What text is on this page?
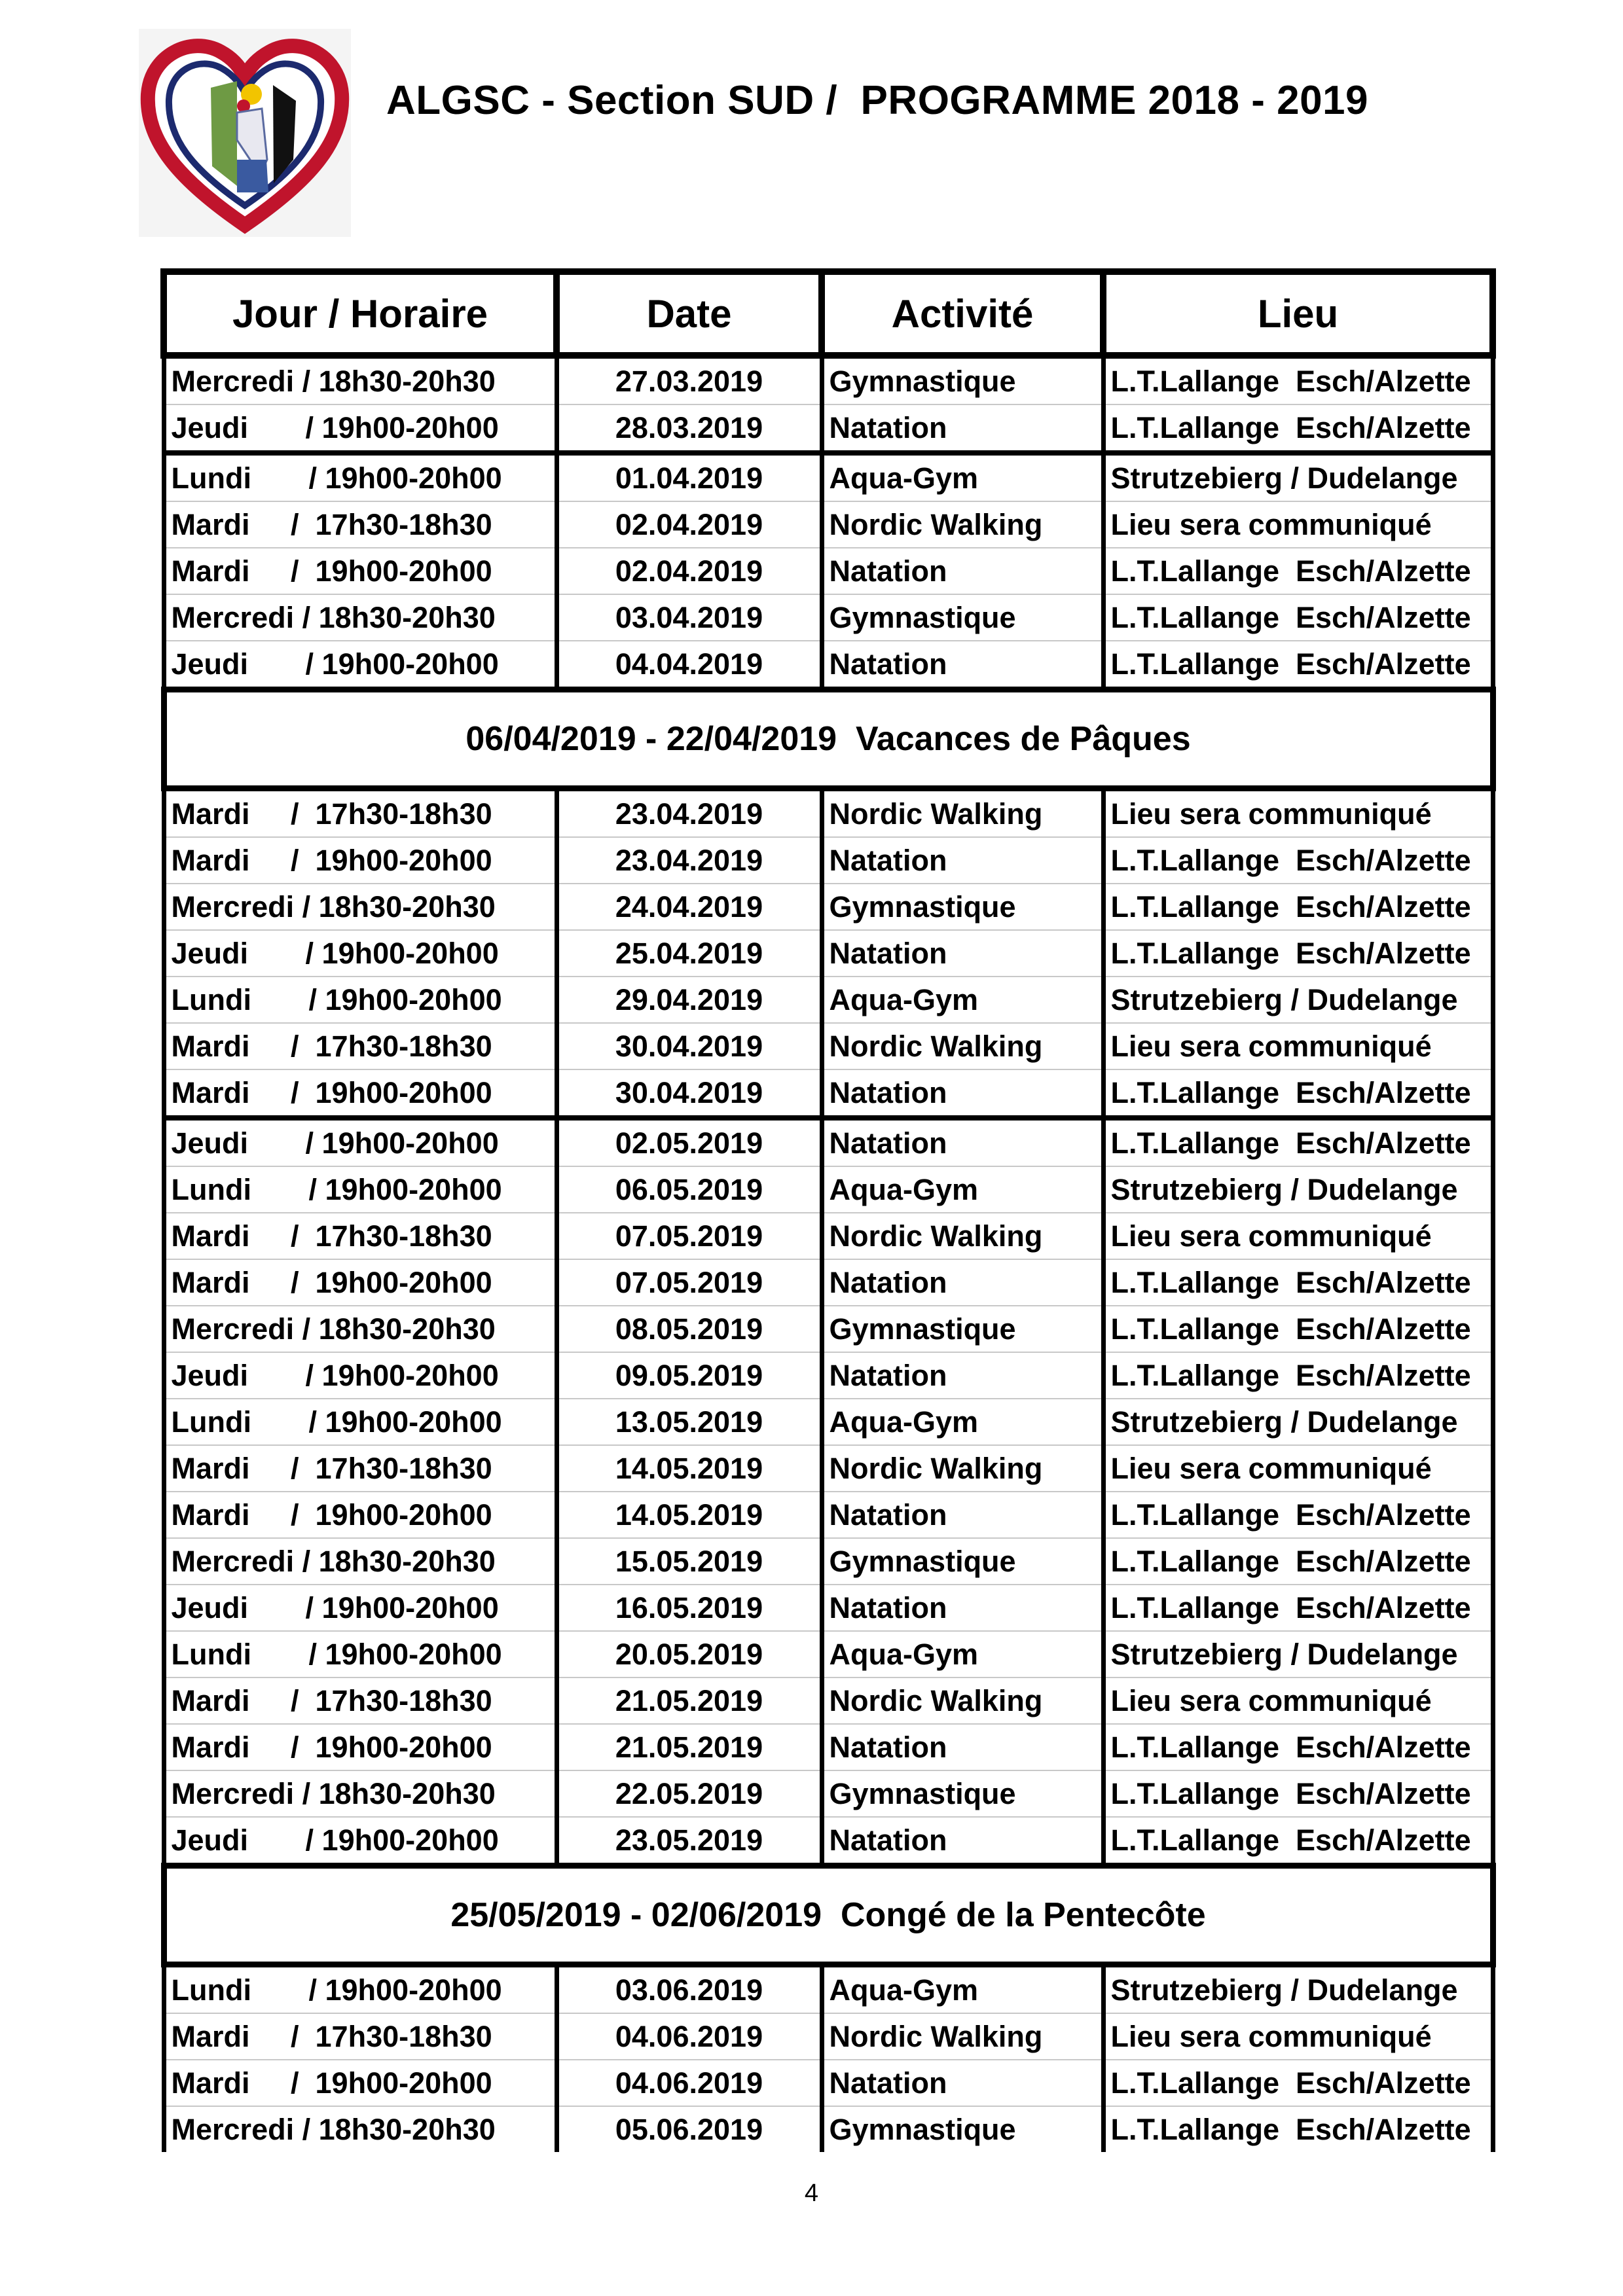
ALGSC - Section SUD /  PROGRAMME 2018 - 2019
Jour / Horaire	Date	Activité	Lieu
Mercredi / 18h30-20h30	27.03.2019	Gymnastique	L.T.Lallange  Esch/Alzette
Jeudi       / 19h00-20h00	28.03.2019	Natation	L.T.Lallange  Esch/Alzette
Lundi       / 19h00-20h00	01.04.2019	Aqua-Gym	Strutzebierg / Dudelange
Mardi     /  17h30-18h30	02.04.2019	Nordic Walking	Lieu sera communiqué
Mardi     /  19h00-20h00	02.04.2019	Natation	L.T.Lallange  Esch/Alzette
Mercredi / 18h30-20h30	03.04.2019	Gymnastique	L.T.Lallange  Esch/Alzette
Jeudi       / 19h00-20h00	04.04.2019	Natation	L.T.Lallange  Esch/Alzette
06/04/2019 - 22/04/2019  Vacances de Pâques			
Mardi     /  17h30-18h30	23.04.2019	Nordic Walking	Lieu sera communiqué
Mardi     /  19h00-20h00	23.04.2019	Natation	L.T.Lallange  Esch/Alzette
Mercredi / 18h30-20h30	24.04.2019	Gymnastique	L.T.Lallange  Esch/Alzette
Jeudi       / 19h00-20h00	25.04.2019	Natation	L.T.Lallange  Esch/Alzette
Lundi       / 19h00-20h00	29.04.2019	Aqua-Gym	Strutzebierg / Dudelange
Mardi     /  17h30-18h30	30.04.2019	Nordic Walking	Lieu sera communiqué
Mardi     /  19h00-20h00	30.04.2019	Natation	L.T.Lallange  Esch/Alzette
Jeudi       / 19h00-20h00	02.05.2019	Natation	L.T.Lallange  Esch/Alzette
Lundi       / 19h00-20h00	06.05.2019	Aqua-Gym	Strutzebierg / Dudelange
Mardi     /  17h30-18h30	07.05.2019	Nordic Walking	Lieu sera communiqué
Mardi     /  19h00-20h00	07.05.2019	Natation	L.T.Lallange  Esch/Alzette
Mercredi / 18h30-20h30	08.05.2019	Gymnastique	L.T.Lallange  Esch/Alzette
Jeudi       / 19h00-20h00	09.05.2019	Natation	L.T.Lallange  Esch/Alzette
Lundi       / 19h00-20h00	13.05.2019	Aqua-Gym	Strutzebierg / Dudelange
Mardi     /  17h30-18h30	14.05.2019	Nordic Walking	Lieu sera communiqué
Mardi     /  19h00-20h00	14.05.2019	Natation	L.T.Lallange  Esch/Alzette
Mercredi / 18h30-20h30	15.05.2019	Gymnastique	L.T.Lallange  Esch/Alzette
Jeudi       / 19h00-20h00	16.05.2019	Natation	L.T.Lallange  Esch/Alzette
Lundi       / 19h00-20h00	20.05.2019	Aqua-Gym	Strutzebierg / Dudelange
Mardi     /  17h30-18h30	21.05.2019	Nordic Walking	Lieu sera communiqué
Mardi     /  19h00-20h00	21.05.2019	Natation	L.T.Lallange  Esch/Alzette
Mercredi / 18h30-20h30	22.05.2019	Gymnastique	L.T.Lallange  Esch/Alzette
Jeudi       / 19h00-20h00	23.05.2019	Natation	L.T.Lallange  Esch/Alzette
25/05/2019 - 02/06/2019  Congé de la Pentecôte			
Lundi       / 19h00-20h00	03.06.2019	Aqua-Gym	Strutzebierg / Dudelange
Mardi     /  17h30-18h30	04.06.2019	Nordic Walking	Lieu sera communiqué
Mardi     /  19h00-20h00	04.06.2019	Natation	L.T.Lallange  Esch/Alzette
Mercredi / 18h30-20h30	05.06.2019	Gymnastique	L.T.Lallange  Esch/Alzette
4
